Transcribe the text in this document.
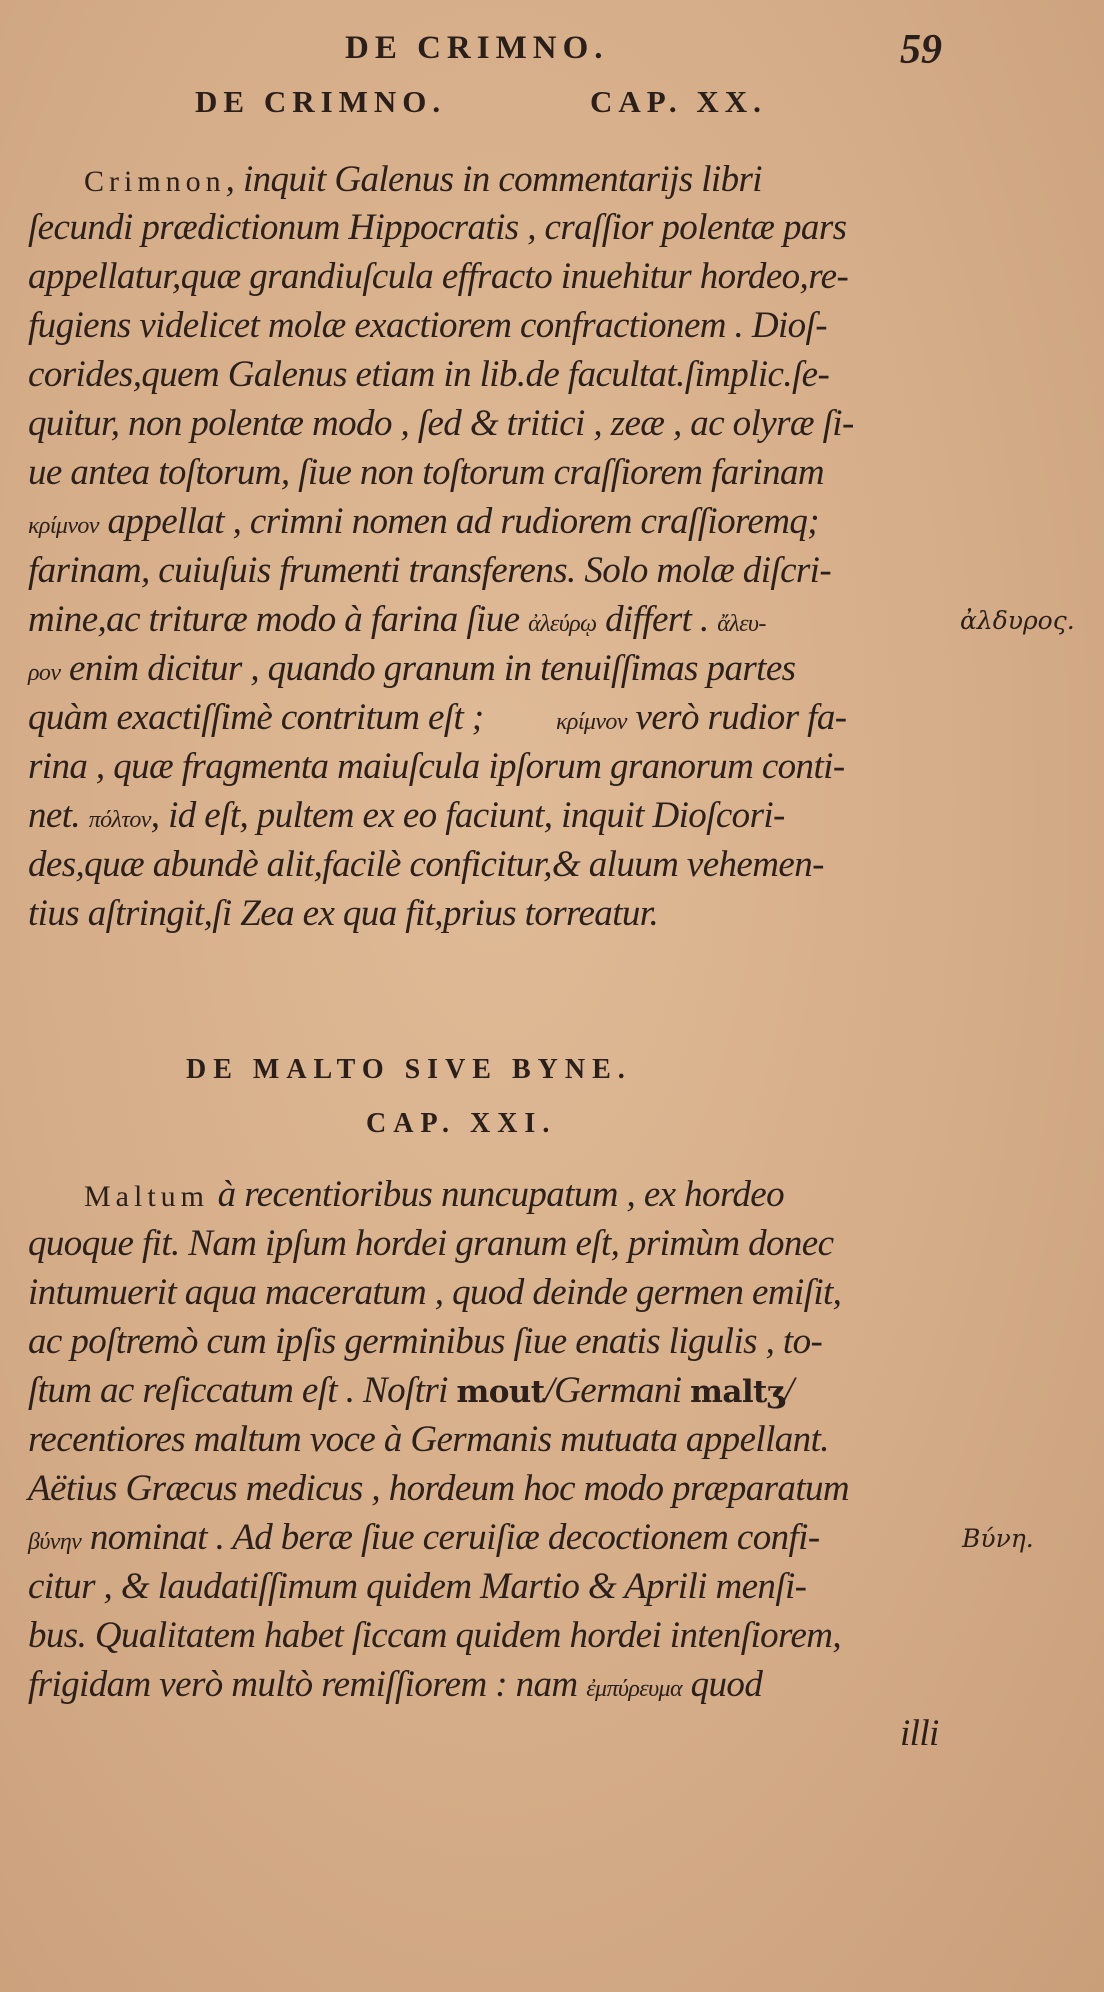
DE CRIMNO.	59
DE CRIMNO.	CAP. XX.
Crimnon, inquit Galenus in commentarijs libri
ſecundi prædictionum Hippocratis , craſſior polentæ pars
appellatur,quæ grandiuſcula effracto inuehitur hordeo,re-
fugiens videlicet molæ exactiorem confractionem . Dioſ-
corides,quem Galenus etiam in lib.de facultat.ſimplic.ſe-
quitur, non polentæ modo , ſed & tritici , zeæ , ac olyræ ſi-
ue antea toſtorum, ſiue non toſtorum craſſiorem farinam
κρίμνον appellat , crimni nomen ad rudiorem craſſioremq;
farinam, cuiuſuis frumenti transferens. Solo molæ diſcri-
mine,ac trituræ modo à farina ſiue ἀλεύρῳ differt . ἄλευ-	ἀλδυρος.
ρον enim dicitur , quando granum in tenuiſſimas partes
quàm exactiſſimè contritum eſt ;	κρίμνον verò rudior fa-
rina , quæ fragmenta maiuſcula ipſorum granorum conti-
net. πόλτον, id eſt, pultem ex eo faciunt, inquit Dioſcori-
des,quæ abundè alit,facilè conficitur,& aluum vehemen-
tius aſtringit,ſi Zea ex qua fit,prius torreatur.
DE MALTO SIVE BYNE.
CAP. XXI.
Maltum à recentioribus nuncupatum , ex hordeo
quoque fit. Nam ipſum hordei granum eſt, primùm donec
intumuerit aqua maceratum , quod deinde germen emiſit,
ac poſtremò cum ipſis germinibus ſiue enatis ligulis , to-
ſtum ac reſiccatum eſt . Noſtri mout/Germani maltʒ/
recentiores maltum voce à Germanis mutuata appellant.
Aëtius Græcus medicus , hordeum hoc modo præparatum
βύνην nominat . Ad beræ ſiue ceruiſiæ decoctionem confi-	Βύνη.
citur , & laudatiſſimum quidem Martio & Aprili menſi-
bus. Qualitatem habet ſiccam quidem hordei intenſiorem,
frigidam verò multò remiſſiorem : nam ἐμπύρευμα quod
illi
